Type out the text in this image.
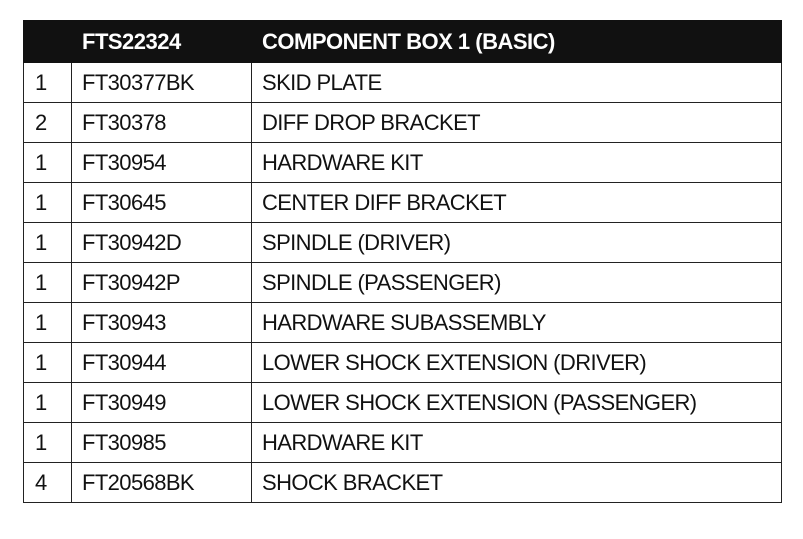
	FTS22324	COMPONENT BOX 1 (BASIC)
1	FT30377BK	SKID PLATE
2	FT30378	DIFF DROP BRACKET
1	FT30954	HARDWARE KIT
1	FT30645	CENTER DIFF BRACKET
1	FT30942D	SPINDLE (DRIVER)
1	FT30942P	SPINDLE (PASSENGER)
1	FT30943	HARDWARE SUBASSEMBLY
1	FT30944	LOWER SHOCK EXTENSION (DRIVER)
1	FT30949	LOWER SHOCK EXTENSION (PASSENGER)
1	FT30985	HARDWARE KIT
4	FT20568BK	SHOCK BRACKET
